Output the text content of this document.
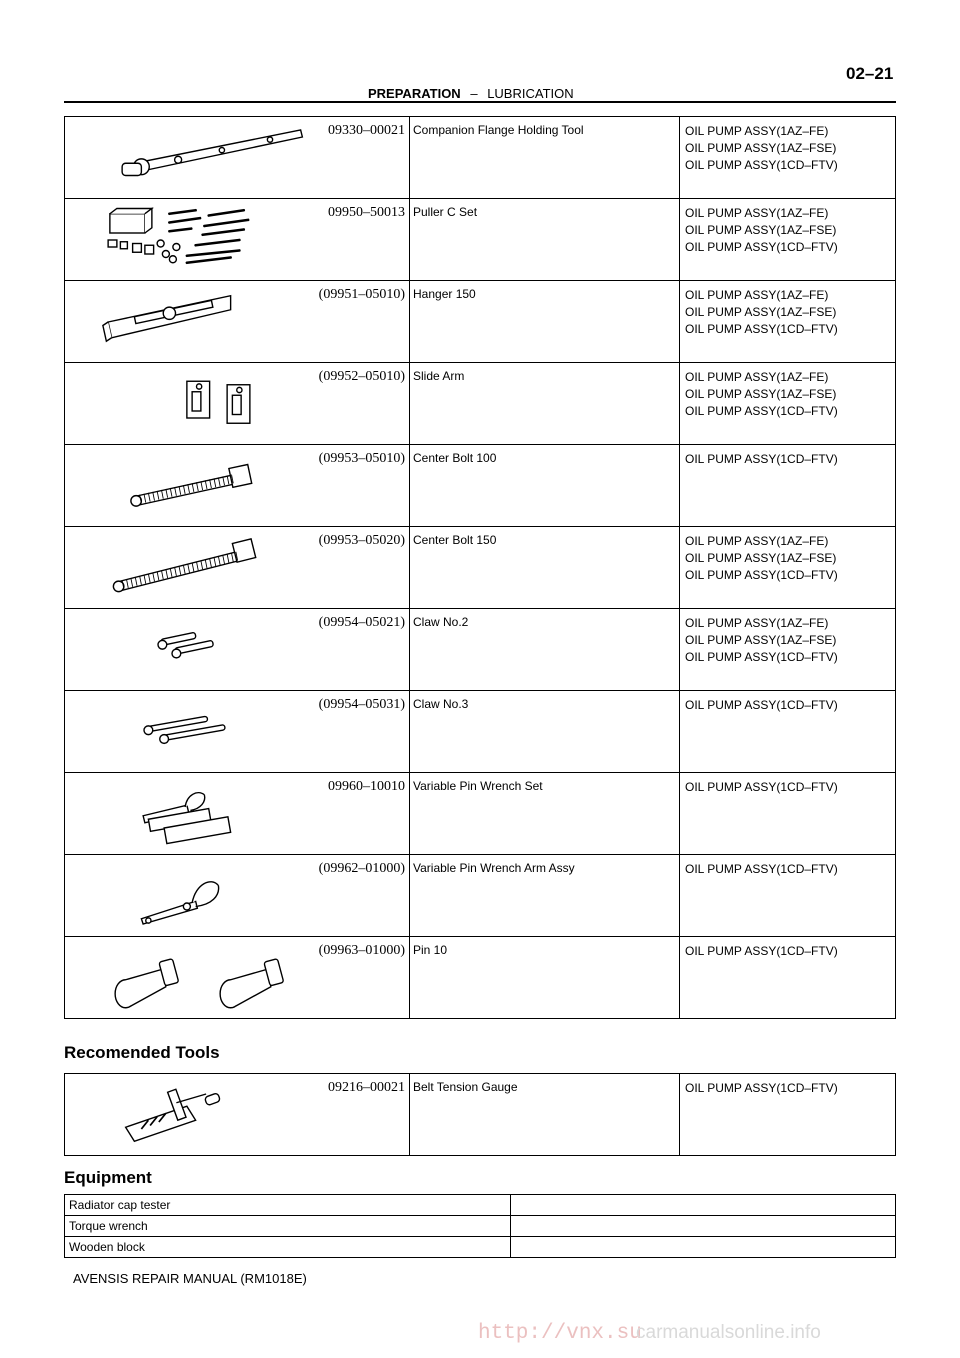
PREPARATION – LUBRICATION
02–21
09330–00021	Companion Flange Holding Tool	OIL PUMP ASSY(1AZ–FE)
OIL PUMP ASSY(1AZ–FSE)
OIL PUMP ASSY(1CD–FTV)

09950–50013	Puller C Set	OIL PUMP ASSY(1AZ–FE)
OIL PUMP ASSY(1AZ–FSE)
OIL PUMP ASSY(1CD–FTV)

(09951–05010)	Hanger 150	OIL PUMP ASSY(1AZ–FE)
OIL PUMP ASSY(1AZ–FSE)
OIL PUMP ASSY(1CD–FTV)

(09952–05010)	Slide Arm	OIL PUMP ASSY(1AZ–FE)
OIL PUMP ASSY(1AZ–FSE)
OIL PUMP ASSY(1CD–FTV)

(09953–05010)	Center Bolt 100	OIL PUMP ASSY(1CD–FTV)

(09953–05020)	Center Bolt 150	OIL PUMP ASSY(1AZ–FE)
OIL PUMP ASSY(1AZ–FSE)
OIL PUMP ASSY(1CD–FTV)

(09954–05021)	Claw No.2	OIL PUMP ASSY(1AZ–FE)
OIL PUMP ASSY(1AZ–FSE)
OIL PUMP ASSY(1CD–FTV)

(09954–05031)	Claw No.3	OIL PUMP ASSY(1CD–FTV)

09960–10010	Variable Pin Wrench Set	OIL PUMP ASSY(1CD–FTV)

(09962–01000)	Variable Pin Wrench Arm Assy	OIL PUMP ASSY(1CD–FTV)

(09963–01000)	Pin 10	OIL PUMP ASSY(1CD–FTV)
Recomended Tools
09216–00021	Belt Tension Gauge	OIL PUMP ASSY(1CD–FTV)
Equipment
Radiator cap tester	
Torque wrench	
Wooden block	
AVENSIS REPAIR MANUAL (RM1018E)
http://vnx.su
carmanualsonline.info
